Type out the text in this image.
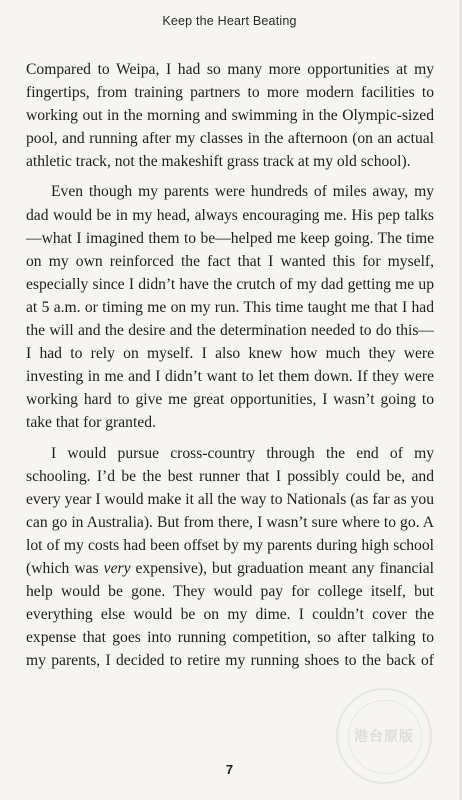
Keep the Heart Beating

Compared to Weipa, I had so many more opportunities at my fingertips, from training partners to more modern facilities to working out in the morning and swimming in the Olympic-sized pool, and running after my classes in the afternoon (on an actual athletic track, not the makeshift grass track at my old school).

Even though my parents were hundreds of miles away, my dad would be in my head, always encouraging me. His pep talks—what I imagined them to be—helped me keep going. The time on my own reinforced the fact that I wanted this for myself, especially since I didn’t have the crutch of my dad getting me up at 5 a.m. or timing me on my run. This time taught me that I had the will and the desire and the determination needed to do this—I had to rely on myself. I also knew how much they were investing in me and I didn’t want to let them down. If they were working hard to give me great opportunities, I wasn’t going to take that for granted.

I would pursue cross-country through the end of my schooling. I’d be the best runner that I possibly could be, and every year I would make it all the way to Nationals (as far as you can go in Australia). But from there, I wasn’t sure where to go. A lot of my costs had been offset by my parents during high school (which was very expensive), but graduation meant any financial help would be gone. They would pay for college itself, but everything else would be on my dime. I couldn’t cover the expense that goes into running competition, so after talking to my parents, I decided to retire my running shoes to the back of

港台原版
7
